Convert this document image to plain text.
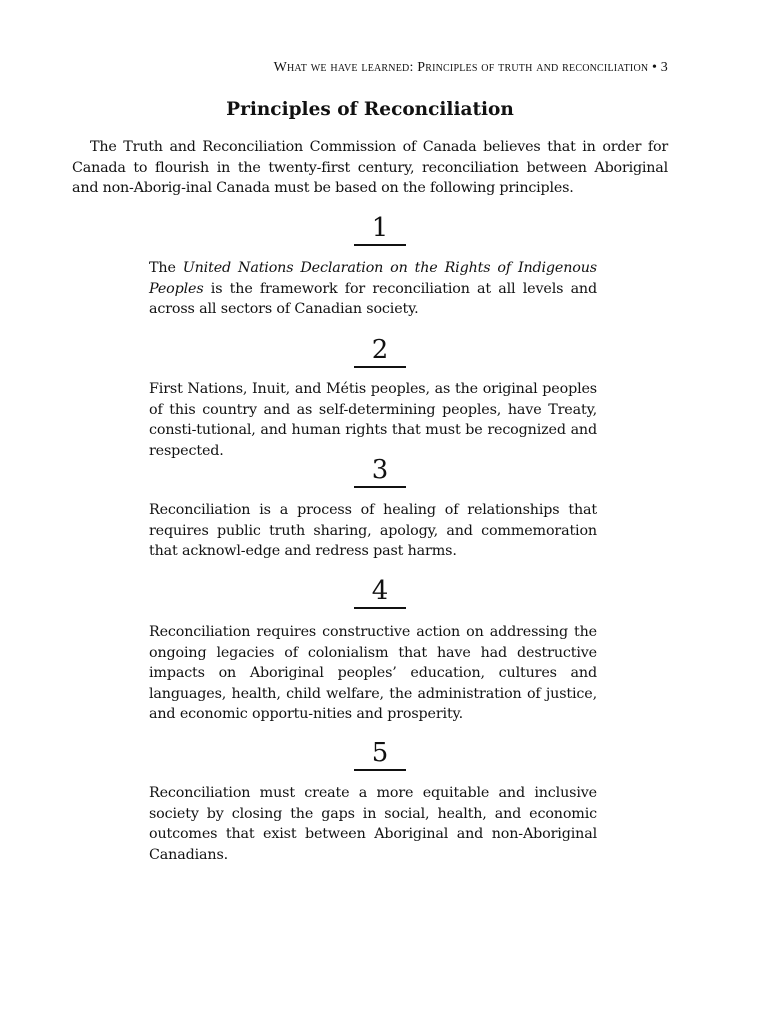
What we have learned: Principles of truth and reconciliation • 3
Principles of Reconciliation

The Truth and Reconciliation Commission of Canada believes that in order for Canada to flourish in the twenty-first century, reconciliation between Aboriginal and non-Aborig-inal Canada must be based on the following principles.

1

The United Nations Declaration on the Rights of Indigenous Peoples is the framework for reconciliation at all levels and across all sectors of Canadian society.

2

First Nations, Inuit, and Métis peoples, as the original peoples of this country and as self-determining peoples, have Treaty, consti-tutional, and human rights that must be recognized and respected.

3

Reconciliation is a process of healing of relationships that requires public truth sharing, apology, and commemoration that acknowl-edge and redress past harms.

4

Reconciliation requires constructive action on addressing the ongoing legacies of colonialism that have had destructive impacts on Aboriginal peoples’ education, cultures and languages, health, child welfare, the administration of justice, and economic opportu-nities and prosperity.

5

Reconciliation must create a more equitable and inclusive society by closing the gaps in social, health, and economic outcomes that exist between Aboriginal and non-Aboriginal Canadians.
